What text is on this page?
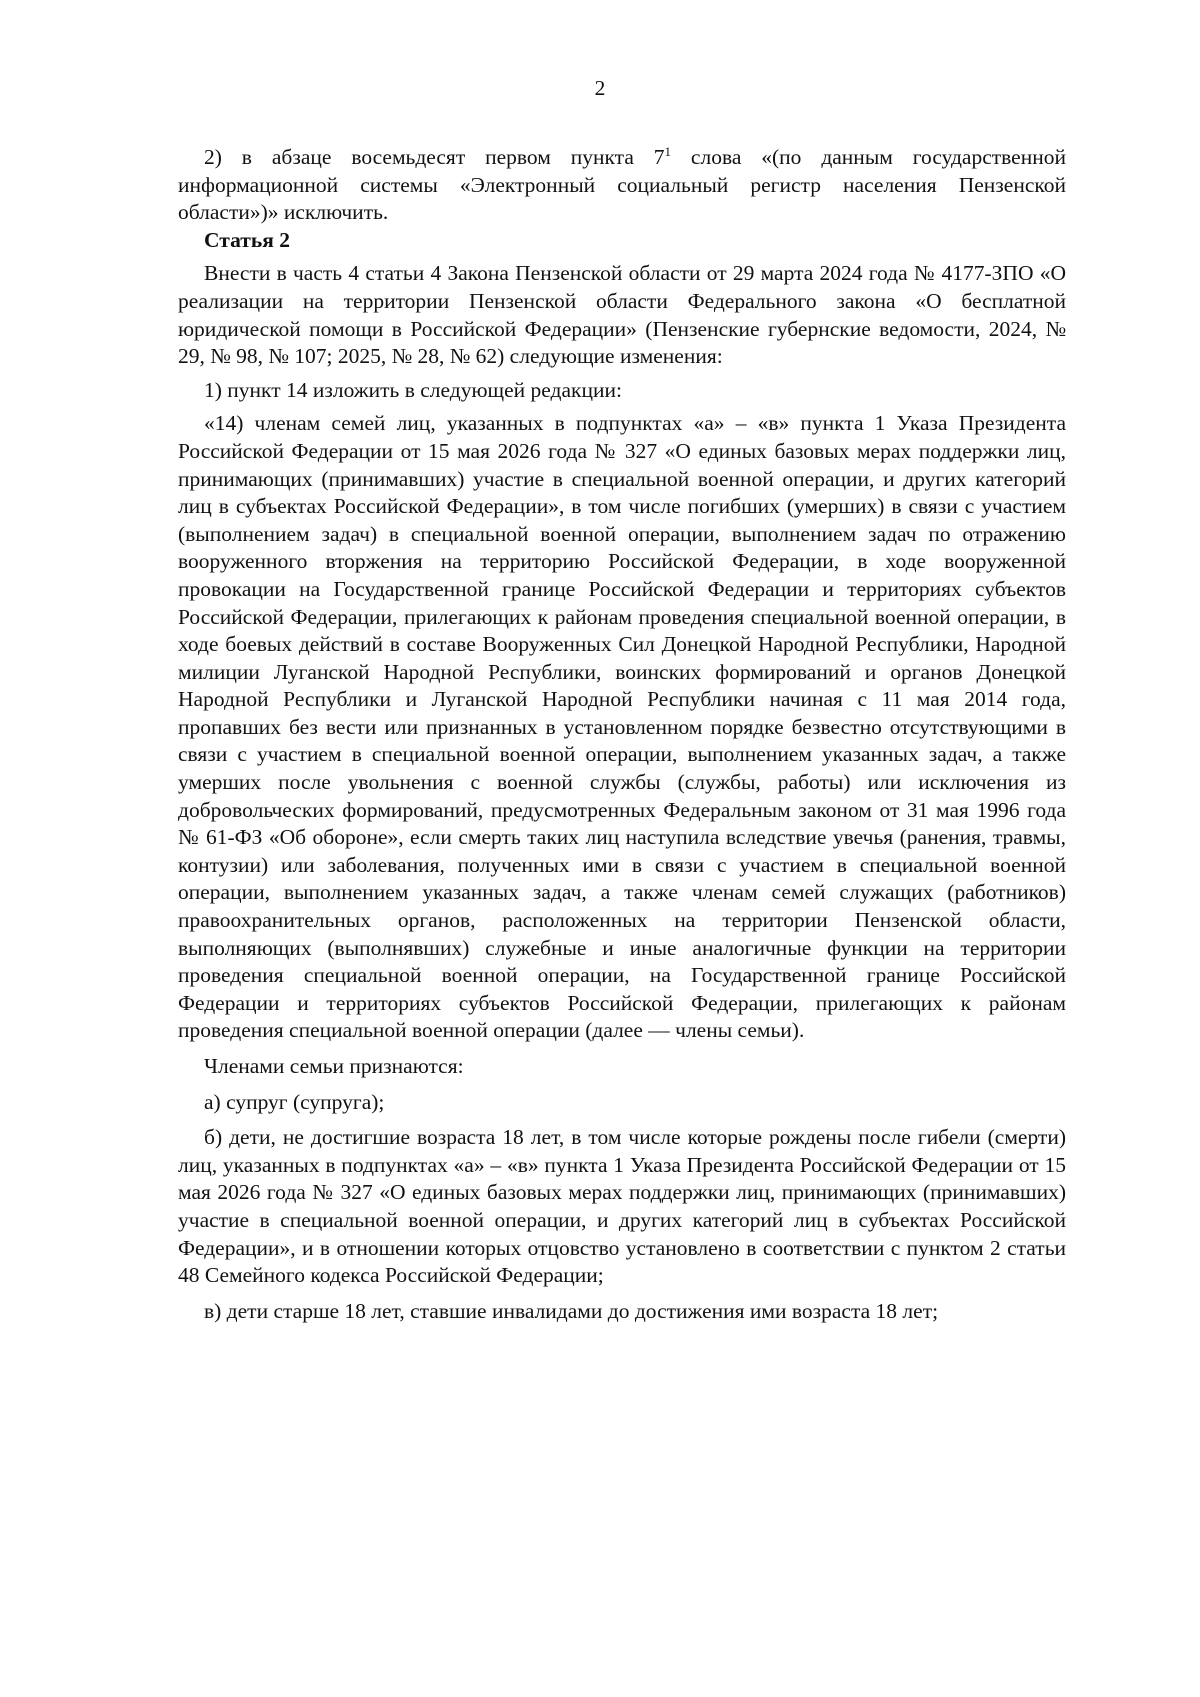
2

2) в абзаце восемьдесят первом пункта $7^1$ слова «(по данным государственной информационной системы «Электронный социальный регистр населения Пензенской области»)» исключить.

Статья 2

Внести в часть 4 статьи 4 Закона Пензенской области от 29 марта 2024 года № 4177-ЗПО «О реализации на территории Пензенской области Федерального закона «О бесплатной юридической помощи в Российской Федерации» (Пензенские губернские ведомости, 2024, № 29, № 98, № 107; 2025, № 28, № 62) следующие изменения:

1) пункт 14 изложить в следующей редакции:

«14) членам семей лиц, указанных в подпунктах «а» – «в» пункта 1 Указа Президента Российской Федерации от 15 мая 2026 года № 327 «О единых базовых мерах поддержки лиц, принимающих (принимавших) участие в специальной военной операции, и других категорий лиц в субъектах Российской Федерации», в том числе погибших (умерших) в связи с участием (выполнением задач) в специальной военной операции, выполнением задач по отражению вооруженного вторжения на территорию Российской Федерации, в ходе вооруженной провокации на Государственной границе Российской Федерации и территориях субъектов Российской Федерации, прилегающих к районам проведения специальной военной операции, в ходе боевых действий в составе Вооруженных Сил Донецкой Народной Республики, Народной милиции Луганской Народной Республики, воинских формирований и органов Донецкой Народной Республики и Луганской Народной Республики начиная с 11 мая 2014 года, пропавших без вести или признанных в установленном порядке безвестно отсутствующими в связи с участием в специальной военной операции, выполнением указанных задач, а также умерших после увольнения с военной службы (службы, работы) или исключения из добровольческих формирований, предусмотренных Федеральным законом от 31 мая 1996 года № 61-ФЗ «Об обороне», если смерть таких лиц наступила вследствие увечья (ранения, травмы, контузии) или заболевания, полученных ими в связи с участием в специальной военной операции, выполнением указанных задач, а также членам семей служащих (работников) правоохранительных органов, расположенных на территории Пензенской области, выполняющих (выполнявших) служебные и иные аналогичные функции на территории проведения специальной военной операции, на Государственной границе Российской Федерации и территориях субъектов Российской Федерации, прилегающих к районам проведения специальной военной операции (далее — члены семьи).

Членами семьи признаются:

а) супруг (супруга);

б) дети, не достигшие возраста 18 лет, в том числе которые рождены после гибели (смерти) лиц, указанных в подпунктах «а» – «в» пункта 1 Указа Президента Российской Федерации от 15 мая 2026 года № 327 «О единых базовых мерах поддержки лиц, принимающих (принимавших) участие в специальной военной операции, и других категорий лиц в субъектах Российской Федерации», и в отношении которых отцовство установлено в соответствии с пунктом 2 статьи 48 Семейного кодекса Российской Федерации;

в) дети старше 18 лет, ставшие инвалидами до достижения ими возраста 18 лет;
